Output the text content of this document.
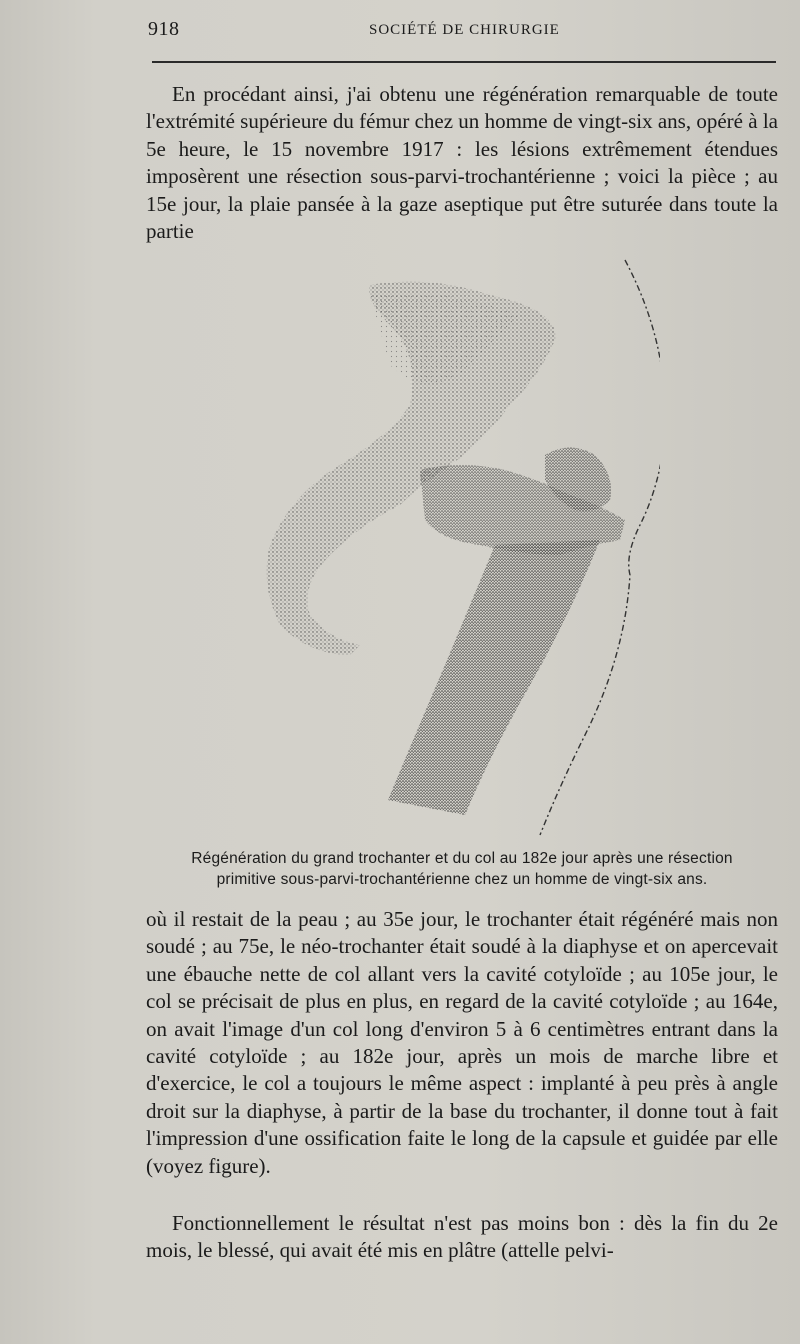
918	SOCIÉTÉ DE CHIRURGIE

En procédant ainsi, j'ai obtenu une régénération remarquable de toute l'extrémité supérieure du fémur chez un homme de vingt-six ans, opéré à la 5e heure, le 15 novembre 1917 : les lésions extrêmement étendues imposèrent une résection sous-parvi-trochantérienne ; voici la pièce ; au 15e jour, la plaie pansée à la gaze aseptique put être suturée dans toute la partie

Régénération du grand trochanter et du col au 182e jour après une résection
primitive sous-parvi-trochantérienne chez un homme de vingt-six ans.

où il restait de la peau ; au 35e jour, le trochanter était régénéré mais non soudé ; au 75e, le néo-trochanter était soudé à la diaphyse et on apercevait une ébauche nette de col allant vers la cavité cotyloïde ; au 105e jour, le col se précisait de plus en plus, en regard de la cavité cotyloïde ; au 164e, on avait l'image d'un col long d'environ 5 à 6 centimètres entrant dans la cavité cotyloïde ; au 182e jour, après un mois de marche libre et d'exercice, le col a toujours le même aspect : implanté à peu près à angle droit sur la diaphyse, à partir de la base du trochanter, il donne tout à fait l'impression d'une ossification faite le long de la capsule et guidée par elle (voyez figure).

Fonctionnellement le résultat n'est pas moins bon : dès la fin du 2e mois, le blessé, qui avait été mis en plâtre (attelle pelvi-
